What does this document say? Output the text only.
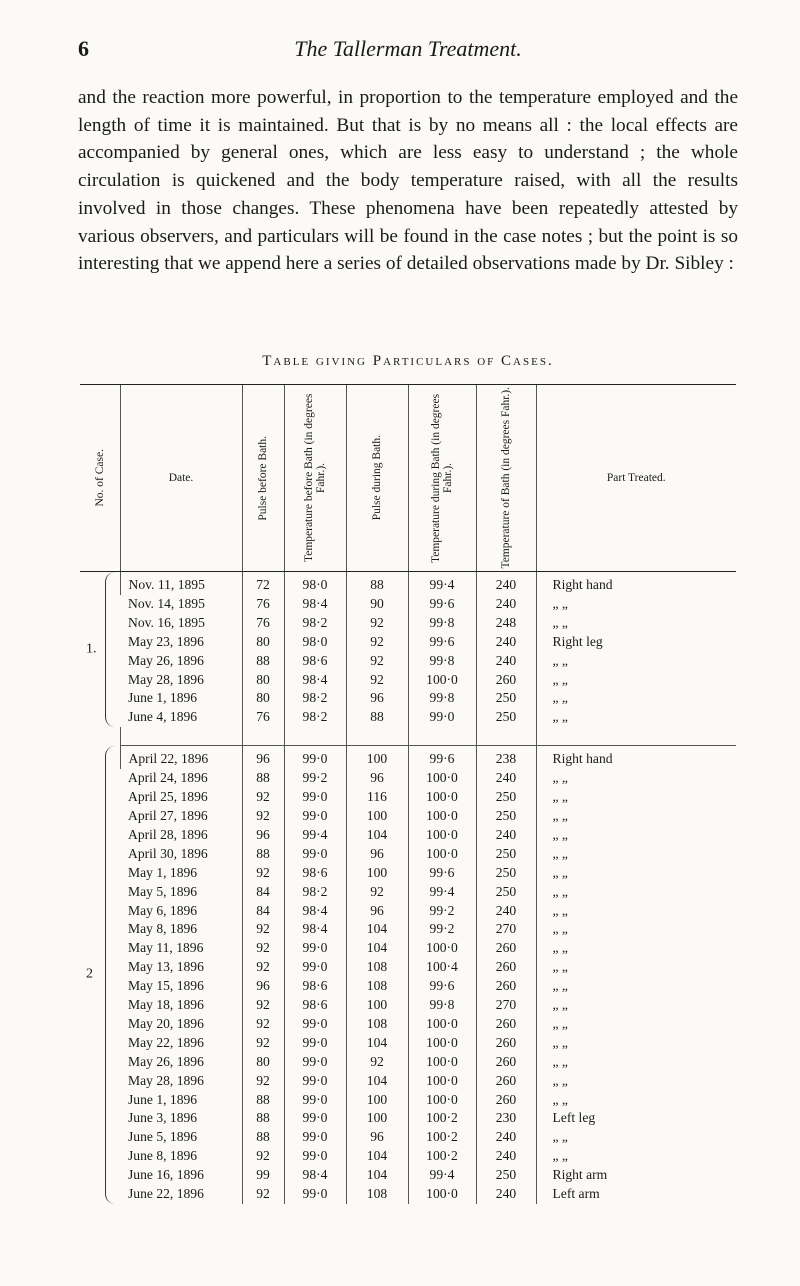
6	The Tallerman Treatment.

and the reaction more powerful, in proportion to the temperature employed and the length of time it is maintained. But that is by no means all : the local effects are accompanied by general ones, which are less easy to understand ; the whole circulation is quickened and the body temperature raised, with all the results involved in those changes. These phenomena have been repeatedly attested by various observers, and particulars will be found in the case notes ; but the point is so interesting that we append here a series of detailed observations made by Dr. Sibley :

Table giving Particulars of Cases.
No. of Case.	Date.	Pulse before Bath.	Temperature before Bath (in degrees Fahr.).	Pulse during Bath.	Temperature during Bath (in degrees Fahr.).	Temperature of Bath (in degrees Fahr.).	Part Treated.

1.	Nov. 11, 1895	72	98·0	88	99·4	240	Right hand
	Nov. 14, 1895	76	98·4	90	99·6	240	„ „
	Nov. 16, 1895	76	98·2	92	99·8	248	„ „
	May 23, 1896	80	98·0	92	99·6	240	Right leg
	May 26, 1896	88	98·6	92	99·8	240	„ „
	May 28, 1896	80	98·4	92	100·0	260	„ „
	June 1, 1896	80	98·2	96	99·8	250	„ „
	June 4, 1896	76	98·2	88	99·0	250	„ „

2	April 22, 1896	96	99·0	100	99·6	238	Right hand
	April 24, 1896	88	99·2	96	100·0	240	„ „
	April 25, 1896	92	99·0	116	100·0	250	„ „
	April 27, 1896	92	99·0	100	100·0	250	„ „
	April 28, 1896	96	99·4	104	100·0	240	„ „
	April 30, 1896	88	99·0	96	100·0	250	„ „
	May 1, 1896	92	98·6	100	99·6	250	„ „
	May 5, 1896	84	98·2	92	99·4	250	„ „
	May 6, 1896	84	98·4	96	99·2	240	„ „
	May 8, 1896	92	98·4	104	99·2	270	„ „
	May 11, 1896	92	99·0	104	100·0	260	„ „
	May 13, 1896	92	99·0	108	100·4	260	„ „
	May 15, 1896	96	98·6	108	99·6	260	„ „
	May 18, 1896	92	98·6	100	99·8	270	„ „
	May 20, 1896	92	99·0	108	100·0	260	„ „
	May 22, 1896	92	99·0	104	100·0	260	„ „
	May 26, 1896	80	99·0	92	100·0	260	„ „
	May 28, 1896	92	99·0	104	100·0	260	„ „
	June 1, 1896	88	99·0	100	100·0	260	„ „
	June 3, 1896	88	99·0	100	100·2	230	Left leg
	June 5, 1896	88	99·0	96	100·2	240	„ „
	June 8, 1896	92	99·0	104	100·2	240	„ „
	June 16, 1896	99	98·4	104	99·4	250	Right arm
	June 22, 1896	92	99·0	108	100·0	240	Left arm
